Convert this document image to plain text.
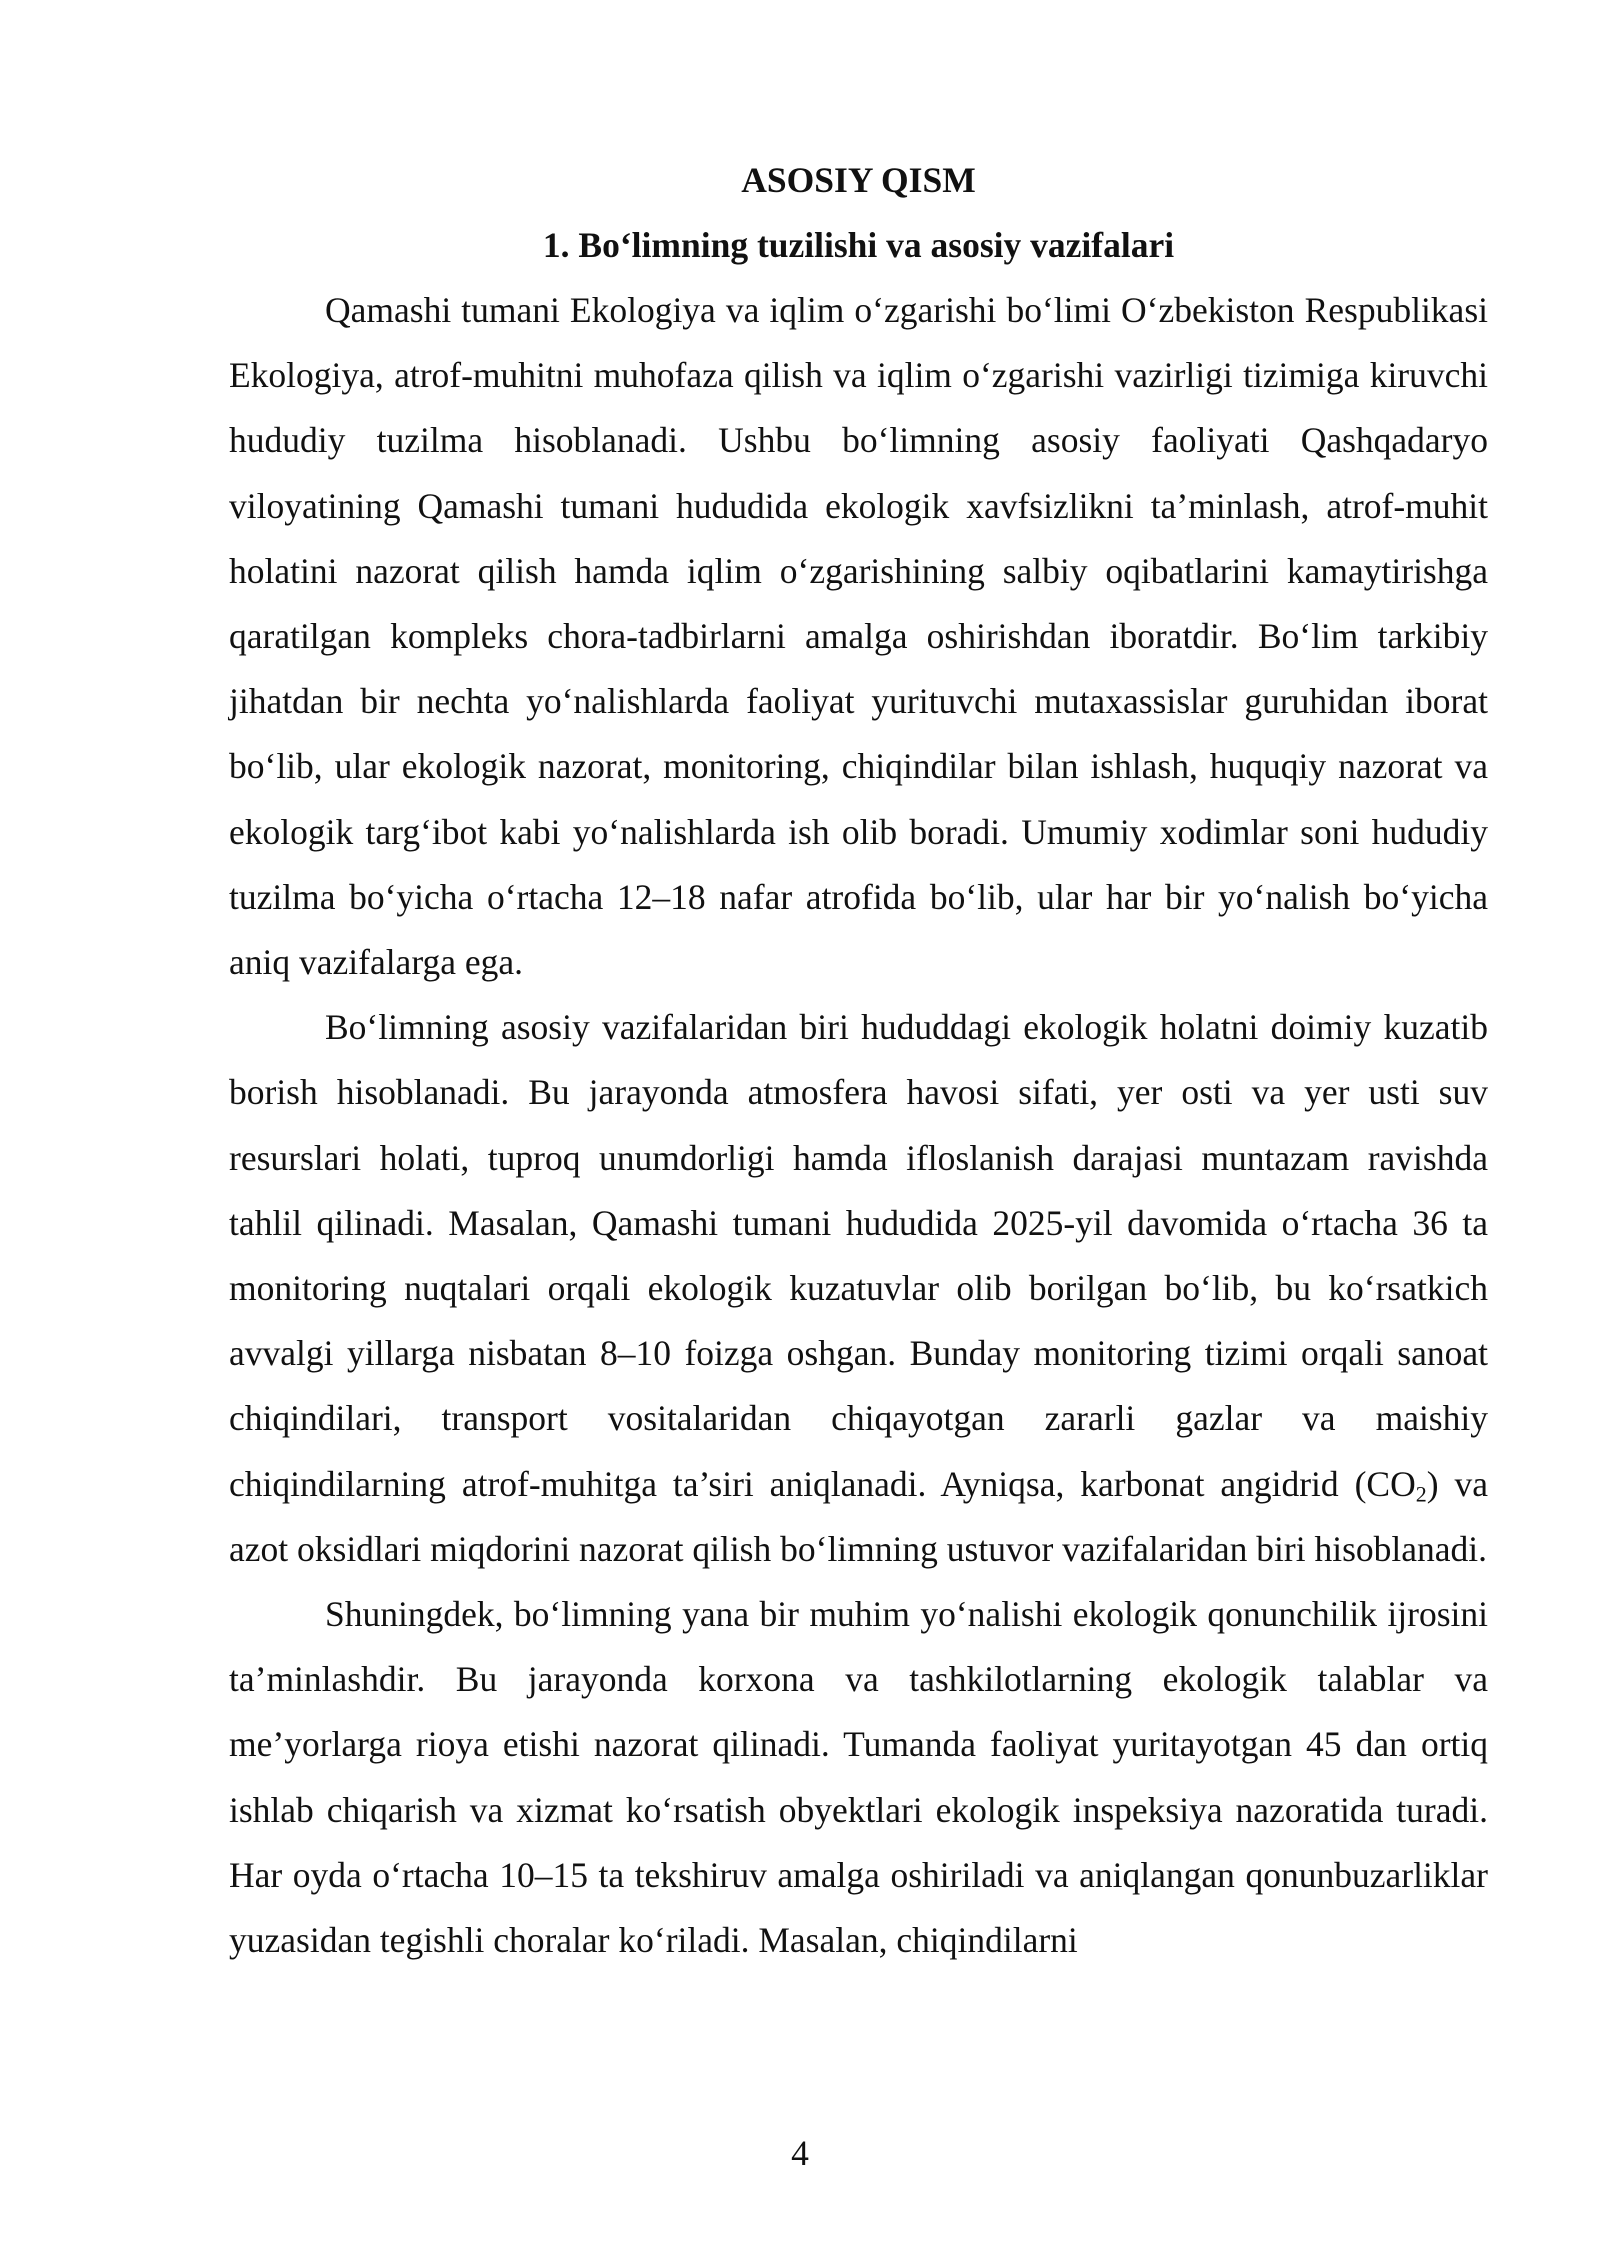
ASOSIY QISM
1. Bo‘limning tuzilishi va asosiy vazifalari

Qamashi tumani Ekologiya va iqlim o‘zgarishi bo‘limi O‘zbekiston Respublikasi Ekologiya, atrof-muhitni muhofaza qilish va iqlim o‘zgarishi vazirligi tizimiga kiruvchi hududiy tuzilma hisoblanadi. Ushbu bo‘limning asosiy faoliyati Qashqadaryo viloyatining Qamashi tumani hududida ekologik xavfsizlikni ta’minlash, atrof-muhit holatini nazorat qilish hamda iqlim o‘zgarishining salbiy oqibatlarini kamaytirishga qaratilgan kompleks chora-tadbirlarni amalga oshirishdan iboratdir. Bo‘lim tarkibiy jihatdan bir nechta yo‘nalishlarda faoliyat yurituvchi mutaxassislar guruhidan iborat bo‘lib, ular ekologik nazorat, monitoring, chiqindilar bilan ishlash, huquqiy nazorat va ekologik targ‘ibot kabi yo‘nalishlarda ish olib boradi. Umumiy xodimlar soni hududiy tuzilma bo‘yicha o‘rtacha 12–18 nafar atrofida bo‘lib, ular har bir yo‘nalish bo‘yicha aniq vazifalarga ega.

Bo‘limning asosiy vazifalaridan biri hududdagi ekologik holatni doimiy kuzatib borish hisoblanadi. Bu jarayonda atmosfera havosi sifati, yer osti va yer usti suv resurslari holati, tuproq unumdorligi hamda ifloslanish darajasi muntazam ravishda tahlil qilinadi. Masalan, Qamashi tumani hududida 2025-yil davomida o‘rtacha 36 ta monitoring nuqtalari orqali ekologik kuzatuvlar olib borilgan bo‘lib, bu ko‘rsatkich avvalgi yillarga nisbatan 8–10 foizga oshgan. Bunday monitoring tizimi orqali sanoat chiqindilari, transport vositalaridan chiqayotgan zararli gazlar va maishiy chiqindilarning atrof-muhitga ta’siri aniqlanadi. Ayniqsa, karbonat angidrid $(CO_2)$ va azot oksidlari miqdorini nazorat qilish bo‘limning ustuvor vazifalaridan biri hisoblanadi.

Shuningdek, bo‘limning yana bir muhim yo‘nalishi ekologik qonunchilik ijrosini ta’minlashdir. Bu jarayonda korxona va tashkilotlarning ekologik talablar va me’yorlarga rioya etishi nazorat qilinadi. Tumanda faoliyat yuritayotgan 45 dan ortiq ishlab chiqarish va xizmat ko‘rsatish obyektlari ekologik inspeksiya nazoratida turadi. Har oyda o‘rtacha 10–15 ta tekshiruv amalga oshiriladi va aniqlangan qonunbuzarliklar yuzasidan tegishli choralar ko‘riladi. Masalan, chiqindilarni

4
